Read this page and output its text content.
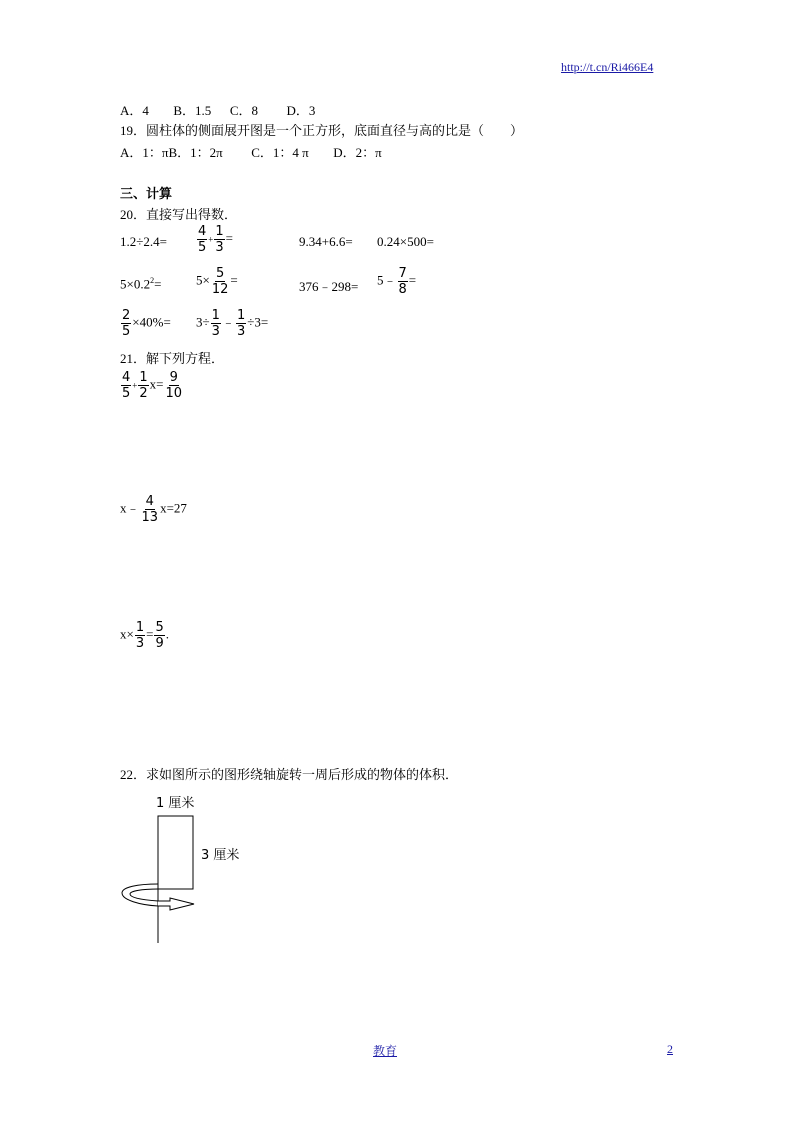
http://t.cn/Ri466E4
A．4 B．1.5 C．8 D．3
19．圆柱体的侧面展开图是一个正方形，底面直径与高的比是（　　）
A．1：πB．1：2π C．1：4 π D．2：π
三、计算
20．直接写出得数．
$1.2\div 2.4= \frac{4}{5} + \frac{1}{3}$ =	9.34+6.6= 0.24×500=
$5\times 0.2^2=$	$5\times \frac{5}{12}$ =	376﹣298= 5﹣ $\frac{7}{8}$ =
$\frac{2}{5} \times 40\%= 3\div \frac{1}{3}$ ﹣ $\frac{1}{3} \div 3=$
21．解下列方程．
$\frac{4}{5} + \frac{1}{2} x= \frac{9}{10}$
x﹣ $\frac{4}{13} x=27$
$x\times \frac{1}{3} = \frac{5}{9}$ .
22．求如图所示的图形绕轴旋转一周后形成的物体的体积．
1 厘米
3 厘米
教育	2
